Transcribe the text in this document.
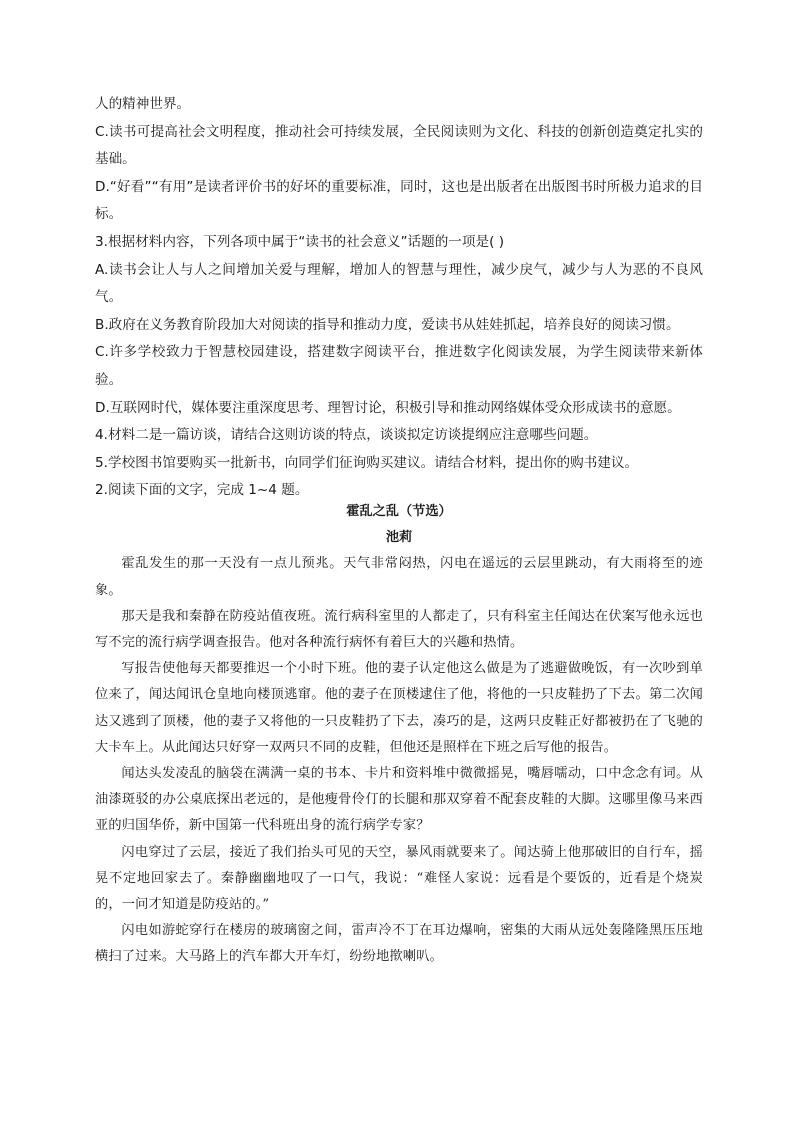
人的精神世界。

C.读书可提高社会文明程度，推动社会可持续发展，全民阅读则为文化、科技的创新创造奠定扎实的基础。

D.“好看”“有用”是读者评价书的好坏的重要标准，同时，这也是出版者在出版图书时所极力追求的目标。

3.根据材料内容，下列各项中属于“读书的社会意义”话题的一项是( )

A.读书会让人与人之间增加关爱与理解，增加人的智慧与理性，减少戾气，减少与人为恶的不良风气。

B.政府在义务教育阶段加大对阅读的指导和推动力度，爱读书从娃娃抓起，培养良好的阅读习惯。

C.许多学校致力于智慧校园建设，搭建数字阅读平台，推进数字化阅读发展，为学生阅读带来新体验。

D.互联网时代，媒体要注重深度思考、理智讨论，积极引导和推动网络媒体受众形成读书的意愿。

4.材料二是一篇访谈，请结合这则访谈的特点，谈谈拟定访谈提纲应注意哪些问题。

5.学校图书馆要购买一批新书，向同学们征询购买建议。请结合材料，提出你的购书建议。

2.阅读下面的文字，完成 1~4 题。

霍乱之乱（节选）

池莉

霍乱发生的那一天没有一点儿预兆。天气非常闷热，闪电在遥远的云层里跳动，有大雨将至的迹象。

那天是我和秦静在防疫站值夜班。流行病科室里的人都走了，只有科室主任闻达在伏案写他永远也写不完的流行病学调查报告。他对各种流行病怀有着巨大的兴趣和热情。

写报告使他每天都要推迟一个小时下班。他的妻子认定他这么做是为了逃避做晚饭，有一次吵到单位来了，闻达闻讯仓皇地向楼顶逃窜。他的妻子在顶楼逮住了他，将他的一只皮鞋扔了下去。第二次闻达又逃到了顶楼，他的妻子又将他的一只皮鞋扔了下去，凑巧的是，这两只皮鞋正好都被扔在了飞驰的大卡车上。从此闻达只好穿一双两只不同的皮鞋，但他还是照样在下班之后写他的报告。

闻达头发凌乱的脑袋在满满一桌的书本、卡片和资料堆中微微摇晃，嘴唇嚅动，口中念念有词。从油漆斑驳的办公桌底探出老远的，是他瘦骨伶仃的长腿和那双穿着不配套皮鞋的大脚。这哪里像马来西亚的归国华侨，新中国第一代科班出身的流行病学专家？

闪电穿过了云层，接近了我们抬头可见的天空，暴风雨就要来了。闻达骑上他那破旧的自行车，摇晃不定地回家去了。秦静幽幽地叹了一口气，我说：“难怪人家说：远看是个要饭的，近看是个烧炭的，一问才知道是防疫站的。”

闪电如游蛇穿行在楼房的玻璃窗之间，雷声冷不丁在耳边爆响，密集的大雨从远处轰隆隆黑压压地横扫了过来。大马路上的汽车都大开车灯，纷纷地揿喇叭。
